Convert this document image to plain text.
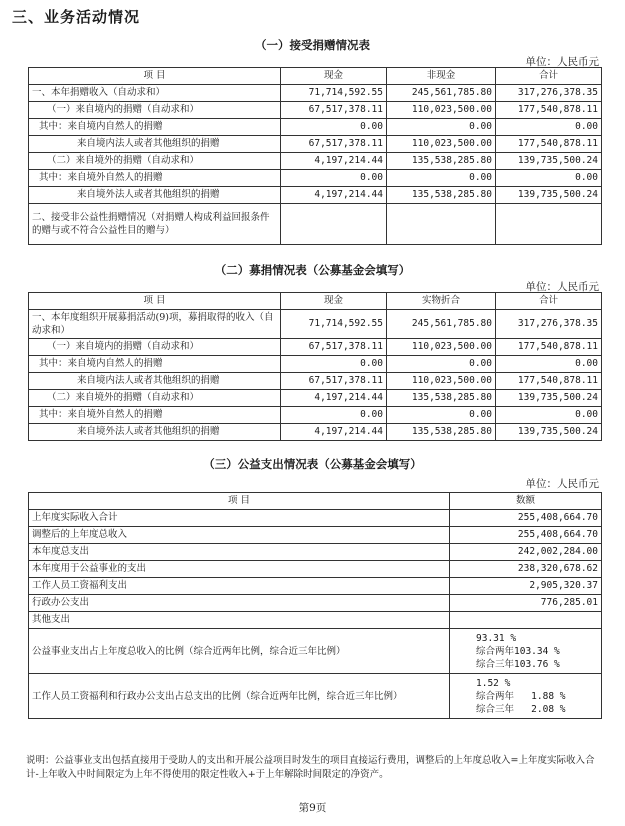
三、业务活动情况
（一）接受捐赠情况表
单位：人民币元
项 目	现金	非现金	合计
一、本年捐赠收入（自动求和）	71,714,592.55	245,561,785.80	317,276,378.35
（一）来自境内的捐赠（自动求和）	67,517,378.11	110,023,500.00	177,540,878.11
其中：来自境内自然人的捐赠	0.00	0.00	0.00
来自境内法人或者其他组织的捐赠	67,517,378.11	110,023,500.00	177,540,878.11
（二）来自境外的捐赠（自动求和）	4,197,214.44	135,538,285.80	139,735,500.24
其中：来自境外自然人的捐赠	0.00	0.00	0.00
来自境外法人或者其他组织的捐赠	4,197,214.44	135,538,285.80	139,735,500.24
二、接受非公益性捐赠情况（对捐赠人构成利益回报条件的赠与或不符合公益性目的赠与）			
（二）募捐情况表（公募基金会填写）
单位：人民币元
项 目	现金	实物折合	合计
一、本年度组织开展募捐活动(9)项，募捐取得的收入（自动求和）	71,714,592.55	245,561,785.80	317,276,378.35
（一）来自境内的捐赠（自动求和）	67,517,378.11	110,023,500.00	177,540,878.11
其中：来自境内自然人的捐赠	0.00	0.00	0.00
来自境内法人或者其他组织的捐赠	67,517,378.11	110,023,500.00	177,540,878.11
（二）来自境外的捐赠（自动求和）	4,197,214.44	135,538,285.80	139,735,500.24
其中：来自境外自然人的捐赠	0.00	0.00	0.00
来自境外法人或者其他组织的捐赠	4,197,214.44	135,538,285.80	139,735,500.24
（三）公益支出情况表（公募基金会填写）
单位：人民币元
项 目	数额
上年度实际收入合计	255,408,664.70
调整后的上年度总收入	255,408,664.70
本年度总支出	242,002,284.00
本年度用于公益事业的支出	238,320,678.62
工作人员工资福利支出	2,905,320.37
行政办公支出	776,285.01
其他支出	
公益事业支出占上年度总收入的比例（综合近两年比例，综合近三年比例）	93.31 %
综合两年103.34 %
综合三年103.76 %

工作人员工资福利和行政办公支出占总支出的比例（综合近两年比例，综合近三年比例）	1.52 %
综合两年   1.88 %
综合三年   2.08 %
说明：公益事业支出包括直接用于受助人的支出和开展公益项目时发生的项目直接运行费用，调整后的上年度总收入=上年度实际收入合计-上年收入中时间限定为上年不得使用的限定性收入+于上年解除时间限定的净资产。
第9页
